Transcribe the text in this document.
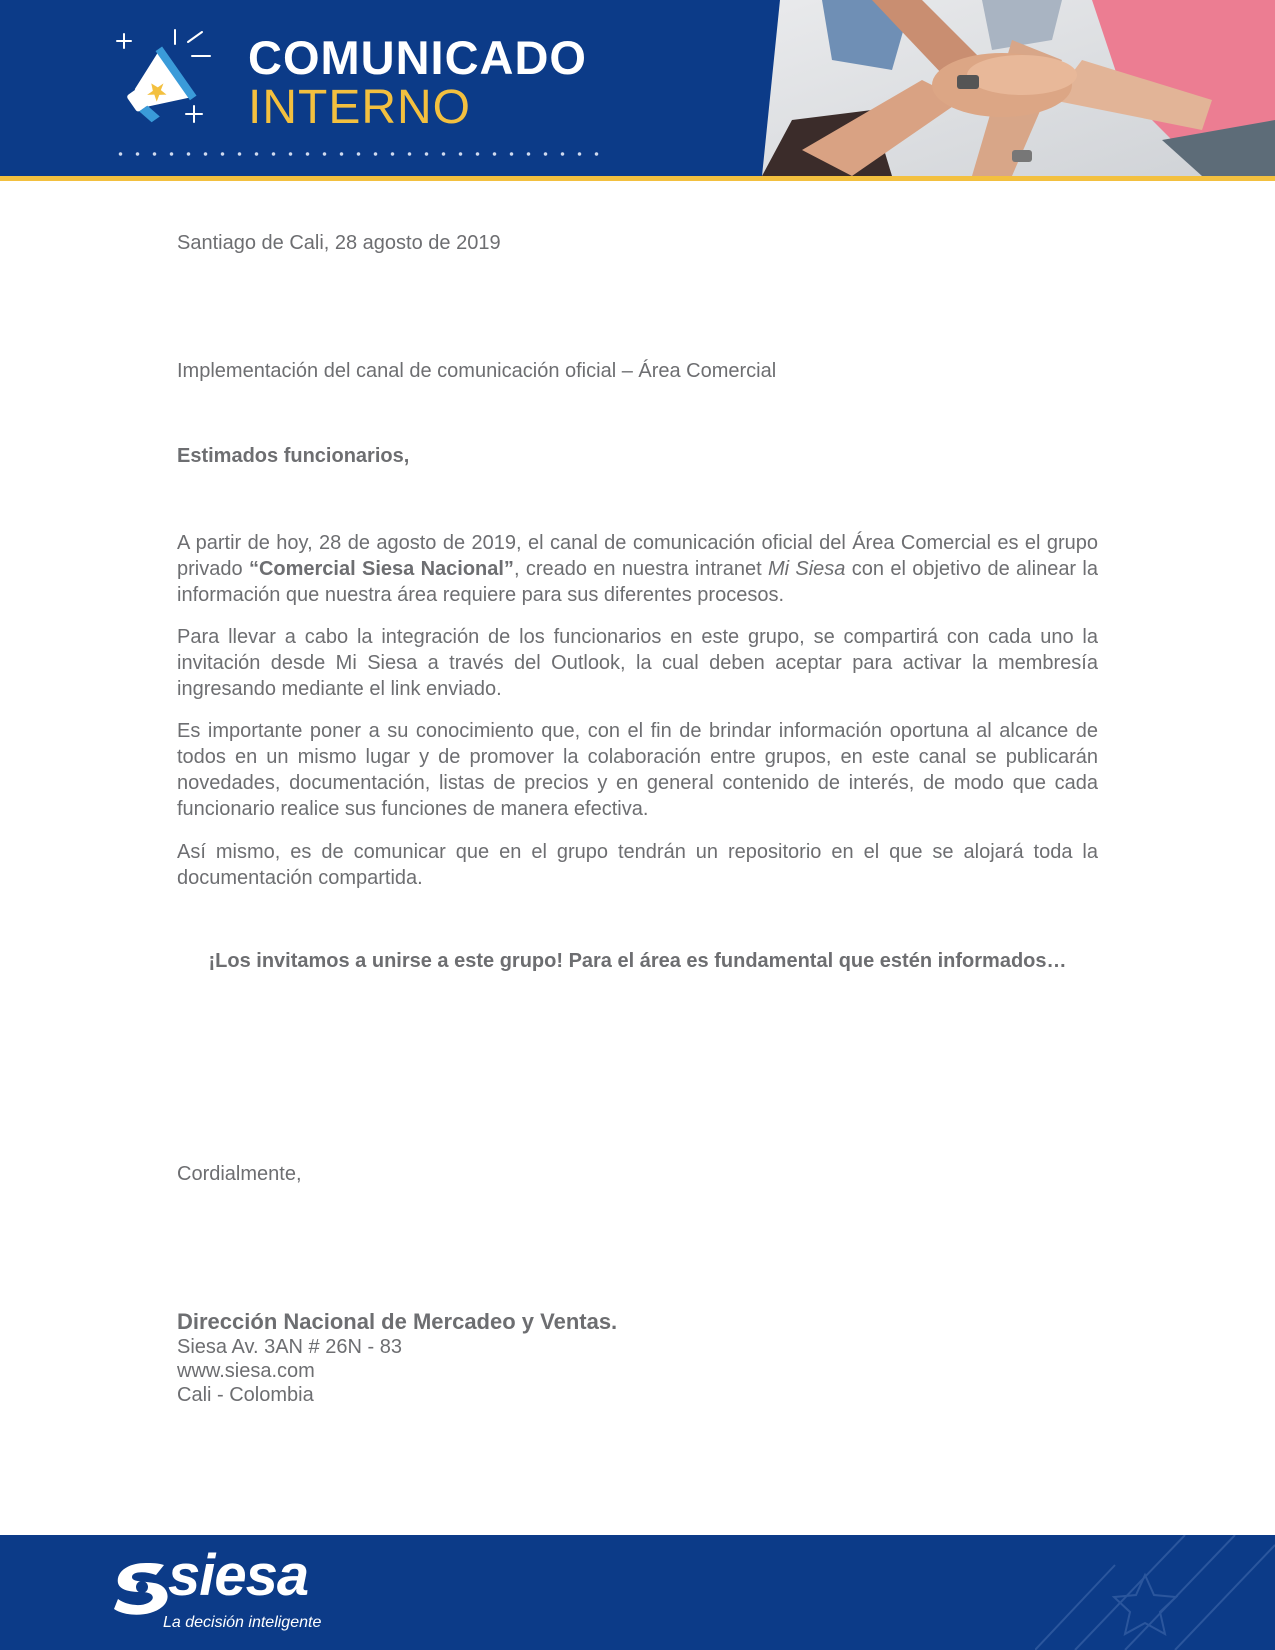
COMUNICADO
INTERNO

Santiago de Cali, 28 agosto de 2019

Implementación del canal de comunicación oficial – Área Comercial

Estimados funcionarios,

A partir de hoy, 28 de agosto de 2019, el canal de comunicación oficial del Área Comercial es el grupo privado “Comercial Siesa Nacional”, creado en nuestra intranet Mi Siesa con el objetivo de alinear la información que nuestra área requiere para sus diferentes procesos.

Para llevar a cabo la integración de los funcionarios en este grupo, se compartirá con cada uno la invitación desde Mi Siesa a través del Outlook, la cual deben aceptar para activar la membresía ingresando mediante el link enviado.

Es importante poner a su conocimiento que, con el fin de brindar información oportuna al alcance de todos en un mismo lugar y de promover la colaboración entre grupos, en este canal se publicarán novedades, documentación, listas de precios y en general contenido de interés, de modo que cada funcionario realice sus funciones de manera efectiva.

Así mismo, es de comunicar que en el grupo tendrán un repositorio en el que se alojará toda la documentación compartida.

¡Los invitamos a unirse a este grupo! Para el área es fundamental que estén informados…

Cordialmente,

Dirección Nacional de Mercadeo y Ventas.

Siesa Av. 3AN # 26N - 83

www.siesa.com

Cali - Colombia

siesa
La decisión inteligente
